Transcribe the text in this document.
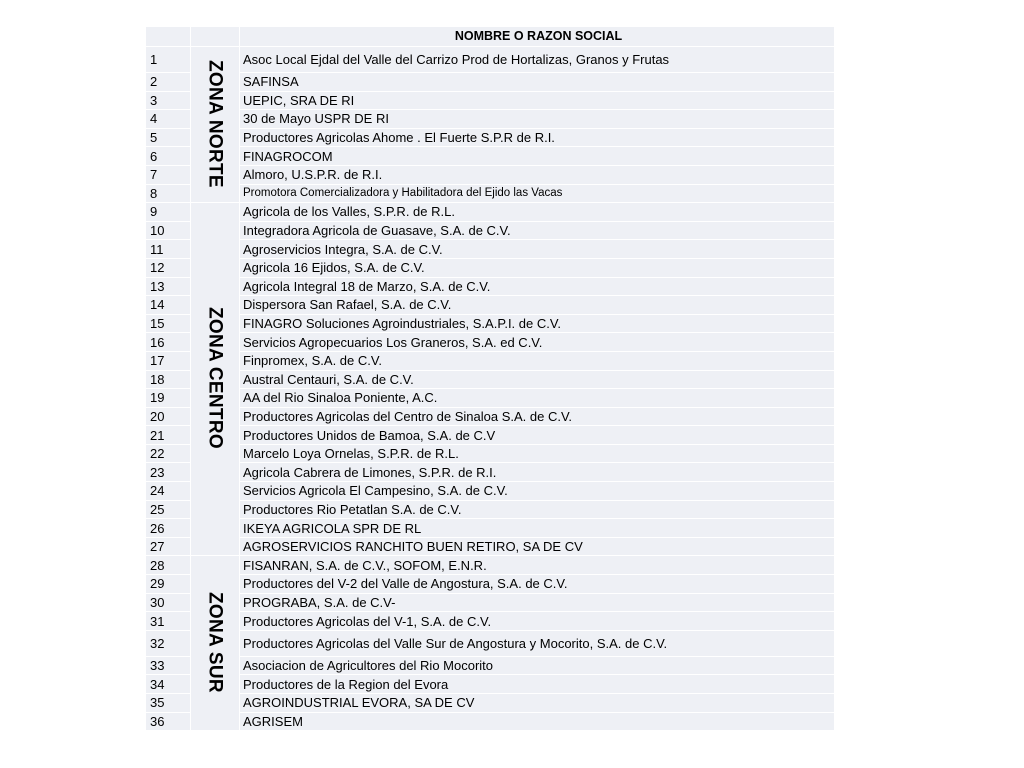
		NOMBRE O RAZON SOCIAL
1	ZONA NORTE	Asoc Local Ejdal del Valle del Carrizo Prod de Hortalizas, Granos y Frutas
2		SAFINSA
3		UEPIC, SRA DE RI
4		30 de Mayo USPR DE RI
5		Productores Agricolas Ahome . El Fuerte S.P.R de R.I.
6		FINAGROCOM
7		Almoro, U.S.P.R. de R.I.
8		Promotora Comercializadora y Habilitadora del Ejido las Vacas
9	ZONA CENTRO	Agricola de los Valles, S.P.R. de R.L.
10		Integradora Agricola de Guasave, S.A. de C.V.
11		Agroservicios Integra, S.A. de C.V.
12		Agricola 16 Ejidos, S.A. de C.V.
13		Agricola Integral 18 de Marzo, S.A. de C.V.
14		Dispersora San Rafael, S.A. de C.V.
15		FINAGRO Soluciones Agroindustriales, S.A.P.I. de C.V.
16		Servicios Agropecuarios Los Graneros, S.A. ed C.V.
17		Finpromex, S.A. de C.V.
18		Austral Centauri, S.A. de C.V.
19		AA del Rio Sinaloa Poniente, A.C.
20		Productores Agricolas del Centro de Sinaloa S.A. de C.V.
21		Productores Unidos de Bamoa, S.A. de C.V
22		Marcelo Loya Ornelas, S.P.R. de R.L.
23		Agricola Cabrera de Limones, S.P.R. de R.I.
24		Servicios Agricola El Campesino, S.A. de C.V.
25		Productores Rio Petatlan S.A. de C.V.
26		IKEYA AGRICOLA SPR DE RL
27		AGROSERVICIOS RANCHITO BUEN RETIRO, SA DE CV
28	ZONA SUR	FISANRAN, S.A. de C.V., SOFOM, E.N.R.
29		Productores del V-2 del Valle de Angostura, S.A. de C.V.
30		PROGRABA, S.A. de C.V-
31		Productores Agricolas del V-1, S.A. de C.V.
32		Productores Agricolas del Valle Sur de Angostura y Mocorito, S.A. de C.V.
33		Asociacion de Agricultores del Rio Mocorito
34		Productores de la Region del Evora
35		AGROINDUSTRIAL EVORA, SA DE CV
36		AGRISEM
